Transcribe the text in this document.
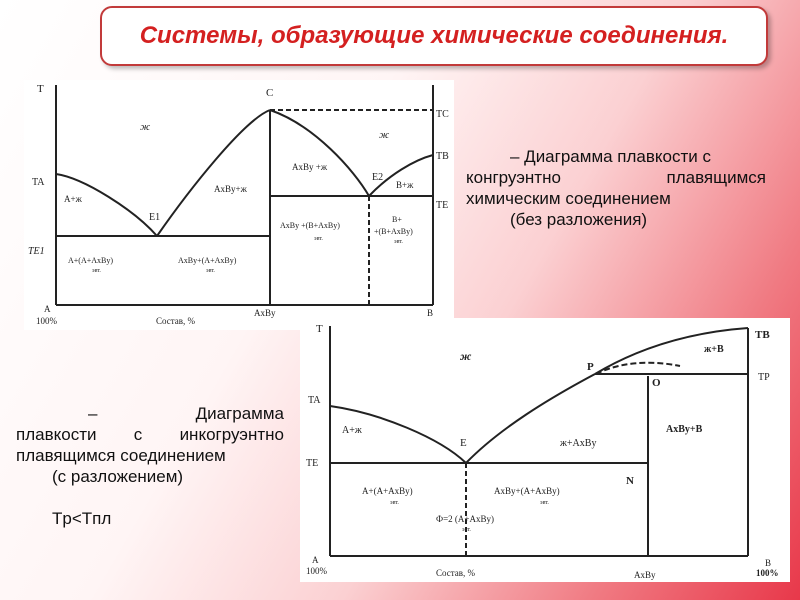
Системы, образующие химические соединения.
T	C
TC
TB
TA
TE
TE1
ж
ж
A+ж
AxBy +ж
AxBy+ж
E1
E2
B+ж
AxBy +(B+AxBy)
эвт.
B+
+(B+AxBy)
эвт.
A+(A+AxBy)
эвт.
AxBy+(A+AxBy)
эвт.
A
100%	Состав, %
AxBy	B
T	TB
TP
TA
TE
ж
P
O
ж+B
A+ж
E	ж+AxBy
AxBy+B
N
A+(A+AxBy)
эвт.
AxBy+(A+AxBy)
эвт.
Ф=2 (A+AxBy)
эвт.
A
100%	Состав, %	AxBy
B
100%
– Диаграмма плавкости с
конгруэнтно плавящимся
химическим соединением
(без разложения)
– Диаграмма
плавкости с инкогруэнтно
плавящимся соединением
(с разложением)
Tp<Tпл
